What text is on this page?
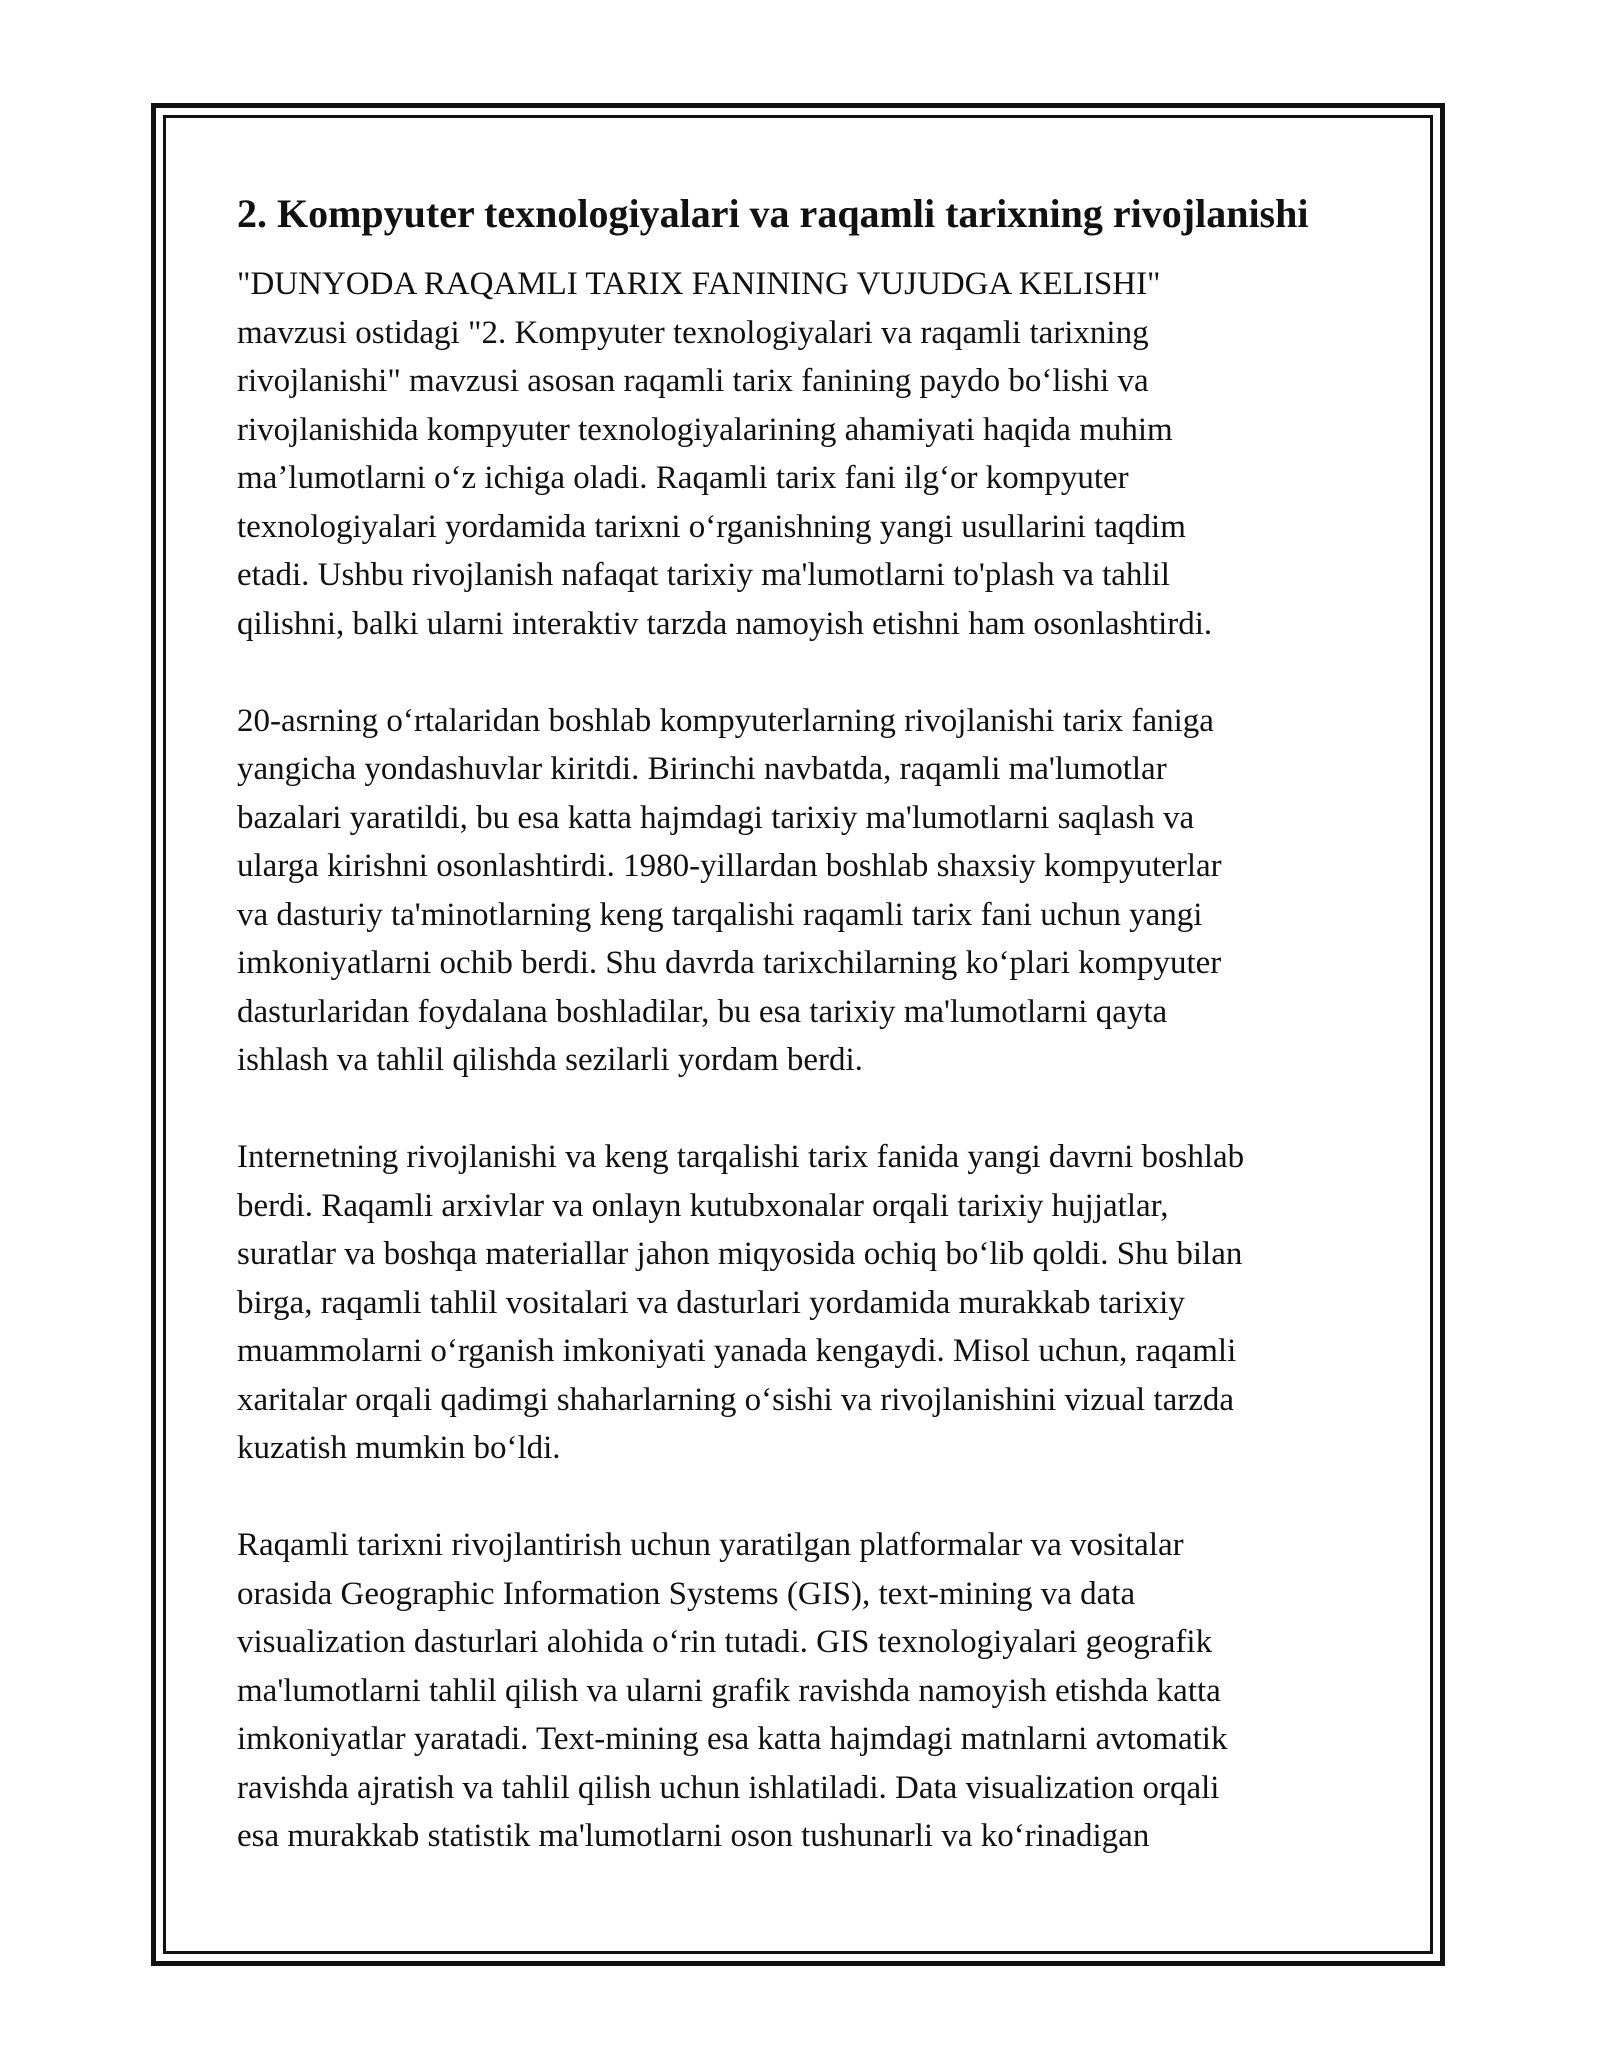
2. Kompyuter texnologiyalari va raqamli tarixning rivojlanishi

"DUNYODA RAQAMLI TARIX FANINING VUJUDGA KELISHI"
mavzusi ostidagi "2. Kompyuter texnologiyalari va raqamli tarixning
rivojlanishi" mavzusi asosan raqamli tarix fanining paydo boʻlishi va
rivojlanishida kompyuter texnologiyalarining ahamiyati haqida muhim
maʼlumotlarni oʻz ichiga oladi. Raqamli tarix fani ilgʻor kompyuter
texnologiyalari yordamida tarixni oʻrganishning yangi usullarini taqdim
etadi. Ushbu rivojlanish nafaqat tarixiy ma'lumotlarni to'plash va tahlil
qilishni, balki ularni interaktiv tarzda namoyish etishni ham osonlashtirdi.

20-asrning oʻrtalaridan boshlab kompyuterlarning rivojlanishi tarix faniga
yangicha yondashuvlar kiritdi. Birinchi navbatda, raqamli ma'lumotlar
bazalari yaratildi, bu esa katta hajmdagi tarixiy ma'lumotlarni saqlash va
ularga kirishni osonlashtirdi. 1980-yillardan boshlab shaxsiy kompyuterlar
va dasturiy ta'minotlarning keng tarqalishi raqamli tarix fani uchun yangi
imkoniyatlarni ochib berdi. Shu davrda tarixchilarning koʻplari kompyuter
dasturlaridan foydalana boshladilar, bu esa tarixiy ma'lumotlarni qayta
ishlash va tahlil qilishda sezilarli yordam berdi.

Internetning rivojlanishi va keng tarqalishi tarix fanida yangi davrni boshlab
berdi. Raqamli arxivlar va onlayn kutubxonalar orqali tarixiy hujjatlar,
suratlar va boshqa materiallar jahon miqyosida ochiq boʻlib qoldi. Shu bilan
birga, raqamli tahlil vositalari va dasturlari yordamida murakkab tarixiy
muammolarni oʻrganish imkoniyati yanada kengaydi. Misol uchun, raqamli
xaritalar orqali qadimgi shaharlarning oʻsishi va rivojlanishini vizual tarzda
kuzatish mumkin boʻldi.

Raqamli tarixni rivojlantirish uchun yaratilgan platformalar va vositalar
orasida Geographic Information Systems (GIS), text-mining va data
visualization dasturlari alohida oʻrin tutadi. GIS texnologiyalari geografik
ma'lumotlarni tahlil qilish va ularni grafik ravishda namoyish etishda katta
imkoniyatlar yaratadi. Text-mining esa katta hajmdagi matnlarni avtomatik
ravishda ajratish va tahlil qilish uchun ishlatiladi. Data visualization orqali
esa murakkab statistik ma'lumotlarni oson tushunarli va koʻrinadigan
